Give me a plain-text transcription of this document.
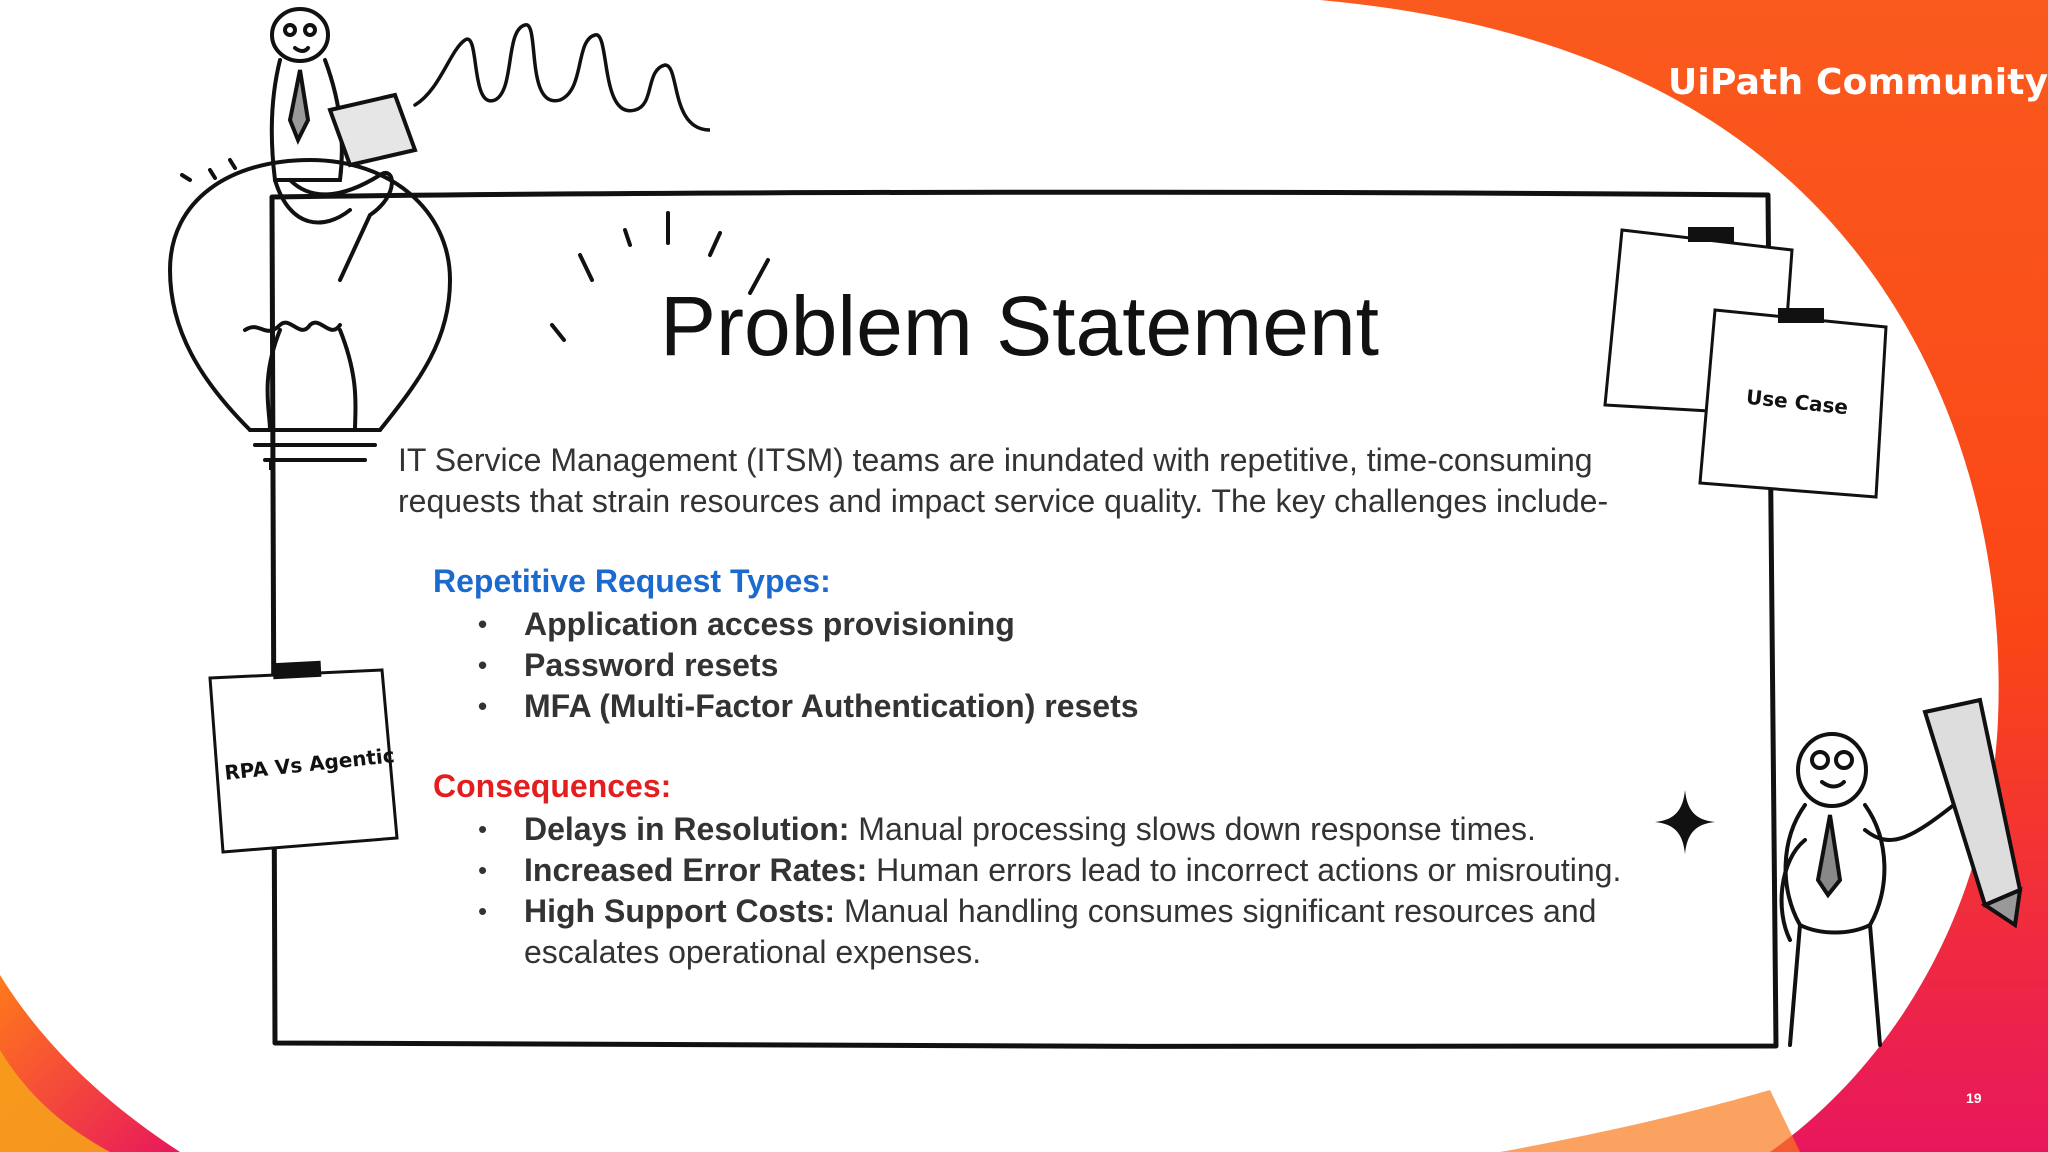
UiPath Community
Problem Statement
IT Service Management (ITSM) teams are inundated with repetitive, time-consuming requests that strain resources and impact service quality. The key challenges include-
Repetitive Request Types:
• Application access provisioning
• Password resets
• MFA (Multi-Factor Authentication) resets
Consequences:
• Delays in Resolution: Manual processing slows down response times.
• Increased Error Rates: Human errors lead to incorrect actions or misrouting.
• High Support Costs: Manual handling consumes significant resources and escalates operational expenses.
RPA Vs Agentic
Use Case
19
